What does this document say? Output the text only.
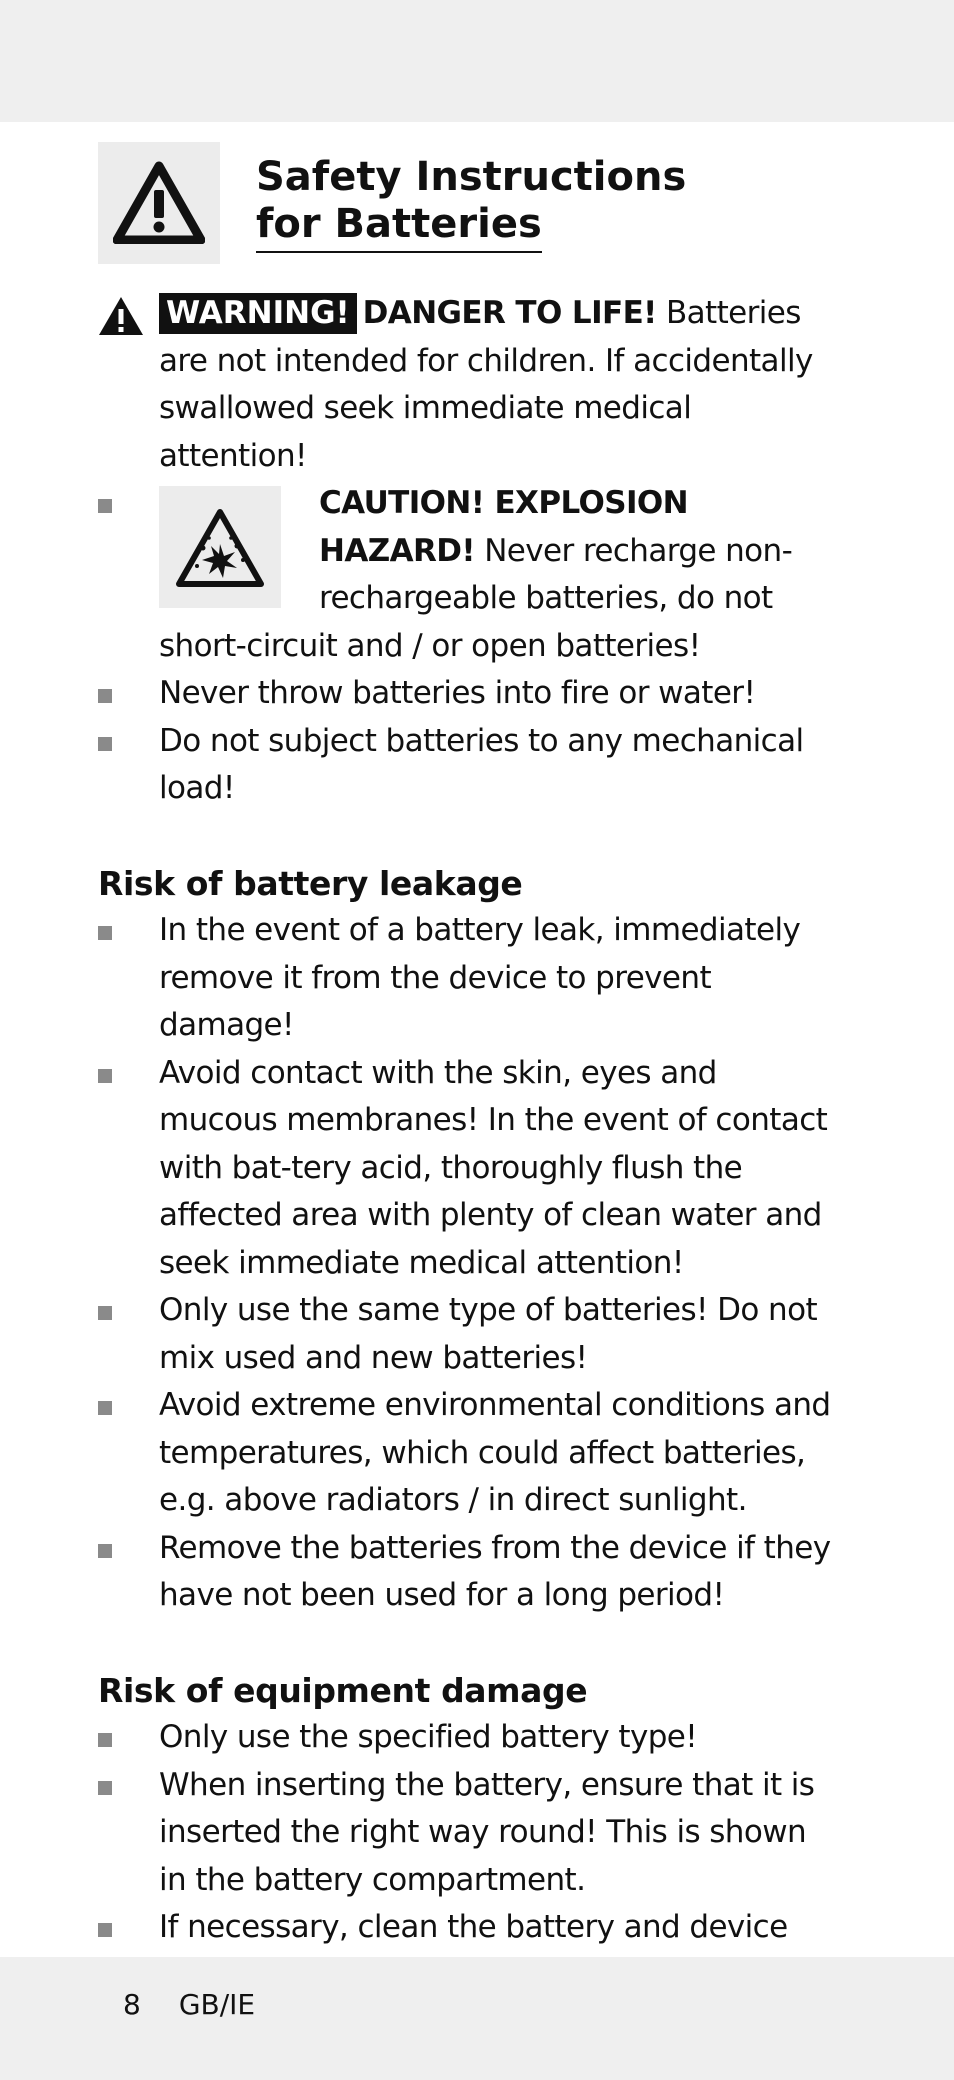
Safety Instructions
for Batteries
WARNING! DANGER TO LIFE! Batteries are not intended for children. If accidentally swallowed seek immediate medical attention!
CAUTION! EXPLOSION HAZARD! Never recharge non-rechargeable batteries, do not short-circuit and / or open batteries!
Never throw batteries into fire or water!
Do not subject batteries to any mechanical load!
Risk of battery leakage
In the event of a battery leak, immediately remove it from the device to prevent damage!
Avoid contact with the skin, eyes and mucous membranes! In the event of contact with bat-tery acid, thoroughly flush the affected area with plenty of clean water and seek immediate medical attention!
Only use the same type of batteries! Do not mix used and new batteries!
Avoid extreme environmental conditions and temperatures, which could affect batteries, e.g. above radiators / in direct sunlight.
Remove the batteries from the device if they have not been used for a long period!
Risk of equipment damage
Only use the specified battery type!
When inserting the battery, ensure that it is inserted the right way round! This is shown in the battery compartment.
If necessary, clean the battery and device
8 GB/IE
